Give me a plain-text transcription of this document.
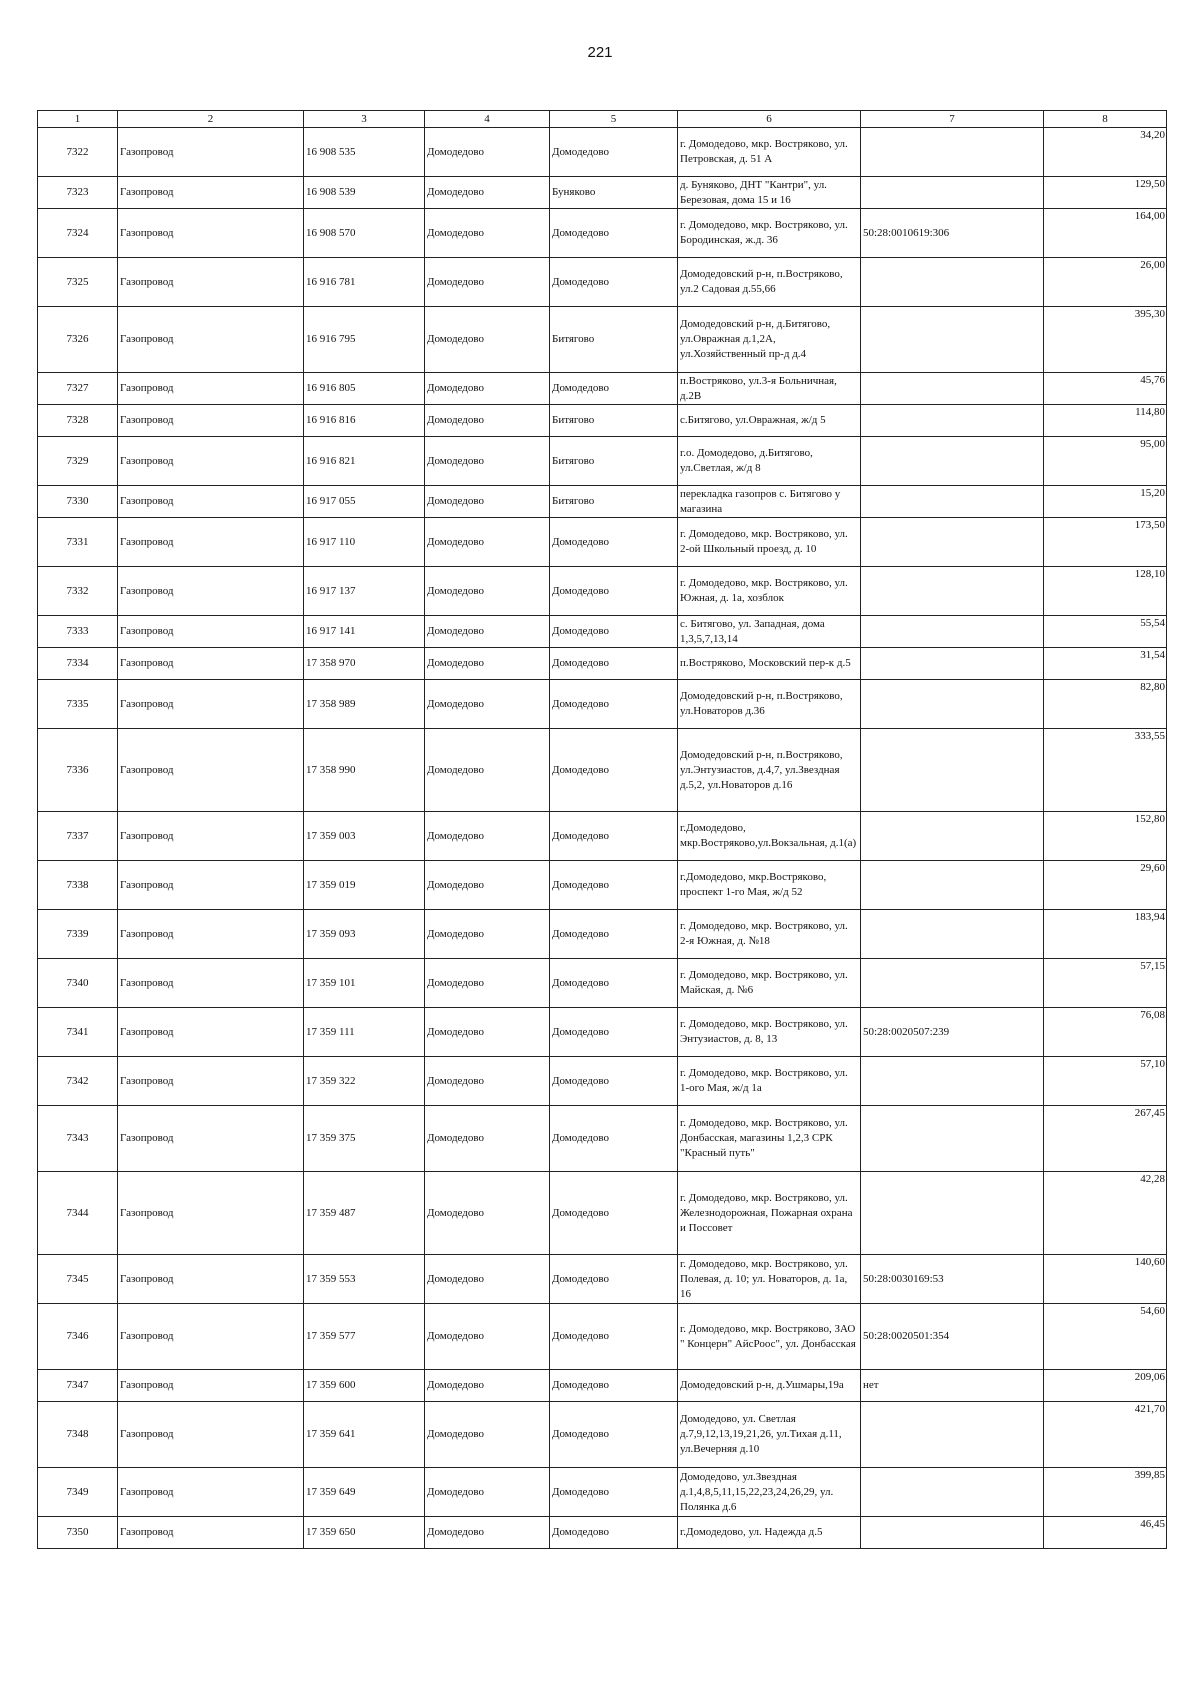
221
1	2	3	4	5	6	7	8
7322	Газопровод	16 908 535	Домодедово	Домодедово	г. Домодедово, мкр. Востряково, ул. Петровская, д. 51 А		34,20
7323	Газопровод	16 908 539	Домодедово	Буняково	д. Буняково, ДНТ "Кантри", ул. Березовая, дома 15 и 16		129,50
7324	Газопровод	16 908 570	Домодедово	Домодедово	г. Домодедово, мкр. Востряково, ул. Бородинская, ж.д. 36	50:28:0010619:306	164,00
7325	Газопровод	16 916 781	Домодедово	Домодедово	Домодедовский р-н, п.Востряково, ул.2 Садовая д.55,66		26,00
7326	Газопровод	16 916 795	Домодедово	Битягово	Домодедовский р-н, д.Битягово, ул.Овражная д.1,2А, ул.Хозяйственный пр-д д.4		395,30
7327	Газопровод	16 916 805	Домодедово	Домодедово	п.Востряково, ул.3-я Больничная, д.2В		45,76
7328	Газопровод	16 916 816	Домодедово	Битягово	с.Битягово, ул.Овражная, ж/д 5		114,80
7329	Газопровод	16 916 821	Домодедово	Битягово	г.о. Домодедово, д.Битягово, ул.Светлая, ж/д 8		95,00
7330	Газопровод	16 917 055	Домодедово	Битягово	перекладка газопров с. Битягово у магазина		15,20
7331	Газопровод	16 917 110	Домодедово	Домодедово	г. Домодедово, мкр. Востряково, ул. 2-ой Школьный проезд, д. 10		173,50
7332	Газопровод	16 917 137	Домодедово	Домодедово	г. Домодедово, мкр. Востряково, ул. Южная, д. 1а, хозблок		128,10
7333	Газопровод	16 917 141	Домодедово	Домодедово	с. Битягово, ул. Западная, дома 1,3,5,7,13,14		55,54
7334	Газопровод	17 358 970	Домодедово	Домодедово	п.Востряково, Московский пер-к д.5		31,54
7335	Газопровод	17 358 989	Домодедово	Домодедово	Домодедовский р-н, п.Востряково, ул.Новаторов д.36		82,80
7336	Газопровод	17 358 990	Домодедово	Домодедово	Домодедовский р-н, п.Востряково, ул.Энтузиастов, д.4,7, ул.Звездная д.5,2, ул.Новаторов д.16		333,55
7337	Газопровод	17 359 003	Домодедово	Домодедово	г.Домодедово, мкр.Востряково,ул.Вокзальная, д.1(а)		152,80
7338	Газопровод	17 359 019	Домодедово	Домодедово	г.Домодедово, мкр.Востряково, проспект 1-го Мая, ж/д 52		29,60
7339	Газопровод	17 359 093	Домодедово	Домодедово	г. Домодедово, мкр. Востряково, ул. 2-я Южная, д. №18		183,94
7340	Газопровод	17 359 101	Домодедово	Домодедово	г. Домодедово, мкр. Востряково, ул. Майская, д. №6		57,15
7341	Газопровод	17 359 111	Домодедово	Домодедово	г. Домодедово, мкр. Востряково, ул. Энтузиастов, д. 8, 13	50:28:0020507:239	76,08
7342	Газопровод	17 359 322	Домодедово	Домодедово	г. Домодедово, мкр. Востряково, ул. 1-ого Мая, ж/д 1а		57,10
7343	Газопровод	17 359 375	Домодедово	Домодедово	г. Домодедово, мкр. Востряково, ул. Донбасская, магазины 1,2,3 СРК "Красный путь"		267,45
7344	Газопровод	17 359 487	Домодедово	Домодедово	г. Домодедово, мкр. Востряково, ул. Железнодорожная, Пожарная охрана и Поссовет		42,28
7345	Газопровод	17 359 553	Домодедово	Домодедово	г. Домодедово, мкр. Востряково, ул. Полевая, д. 10; ул. Новаторов, д. 1а, 16	50:28:0030169:53	140,60
7346	Газопровод	17 359 577	Домодедово	Домодедово	г. Домодедово, мкр. Востряково, ЗАО " Концерн" АйсРоос", ул. Донбасская	50:28:0020501:354	54,60
7347	Газопровод	17 359 600	Домодедово	Домодедово	Домодедовский р-н, д.Ушмары,19а	нет	209,06
7348	Газопровод	17 359 641	Домодедово	Домодедово	Домодедово, ул. Светлая д.7,9,12,13,19,21,26, ул.Тихая д.11, ул.Вечерняя д.10		421,70
7349	Газопровод	17 359 649	Домодедово	Домодедово	Домодедово, ул.Звездная д.1,4,8,5,11,15,22,23,24,26,29, ул. Полянка д.6		399,85
7350	Газопровод	17 359 650	Домодедово	Домодедово	г.Домодедово, ул. Надежда д.5		46,45
